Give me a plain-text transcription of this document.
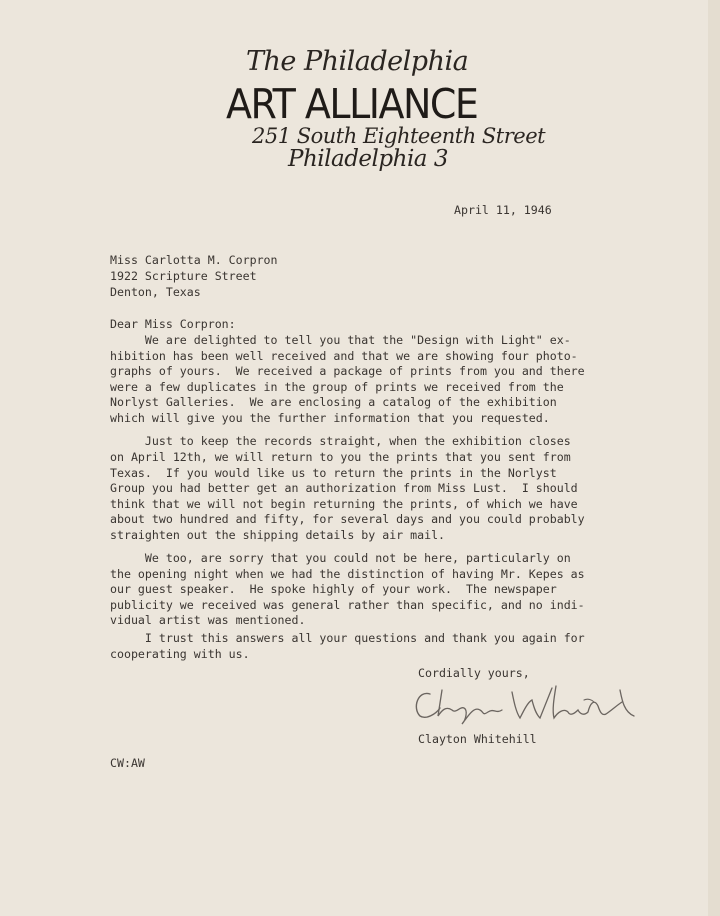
The Philadelphia
ART ALLIANCE
251 South Eighteenth Street
Philadelphia 3
April 11, 1946
Miss Carlotta M. Corpron
1922 Scripture Street
Denton, Texas
Dear Miss Corpron:
We are delighted to tell you that the "Design with Light" ex-
hibition has been well received and that we are showing four photo-
graphs of yours.  We received a package of prints from you and there
were a few duplicates in the group of prints we received from the
Norlyst Galleries.  We are enclosing a catalog of the exhibition
which will give you the further information that you requested.
Just to keep the records straight, when the exhibition closes
on April 12th, we will return to you the prints that you sent from
Texas.  If you would like us to return the prints in the Norlyst
Group you had better get an authorization from Miss Lust.  I should
think that we will not begin returning the prints, of which we have
about two hundred and fifty, for several days and you could probably
straighten out the shipping details by air mail.
We too, are sorry that you could not be here, particularly on
the opening night when we had the distinction of having Mr. Kepes as
our guest speaker.  He spoke highly of your work.  The newspaper
publicity we received was general rather than specific, and no indi-
vidual artist was mentioned.
I trust this answers all your questions and thank you again for
cooperating with us.
Cordially yours,
Clayton Whitehill
CW:AW
